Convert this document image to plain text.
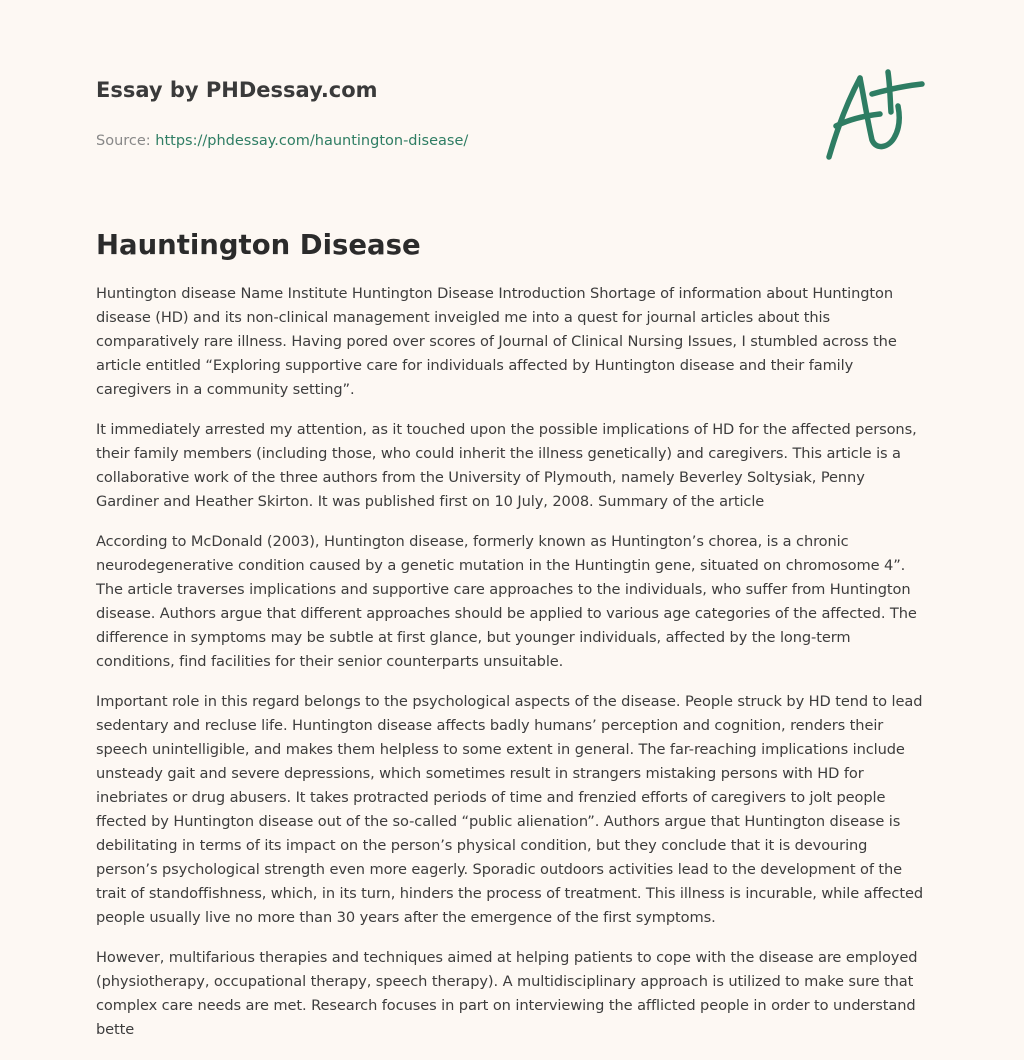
Essay by PHDessay.com
Source: https://phdessay.com/hauntington-disease/
Hauntington Disease

Huntington disease Name Institute Huntington Disease Introduction Shortage of information about Huntington disease (HD) and its non-clinical management inveigled me into a quest for journal articles about this comparatively rare illness. Having pored over scores of Journal of Clinical Nursing Issues, I stumbled across the article entitled “Exploring supportive care for individuals affected by Huntington disease and their family caregivers in a community setting”.

It immediately arrested my attention, as it touched upon the possible implications of HD for the affected persons, their family members (including those, who could inherit the illness genetically) and caregivers. This article is a collaborative work of the three authors from the University of Plymouth, namely Beverley Soltysiak, Penny Gardiner and Heather Skirton. It was published first on 10 July, 2008. Summary of the article

According to McDonald (2003), Huntington disease, formerly known as Huntington’s chorea, is a chronic neurodegenerative condition caused by a genetic mutation in the Huntingtin gene, situated on chromosome 4”. The article traverses implications and supportive care approaches to the individuals, who suffer from Huntington disease. Authors argue that different approaches should be applied to various age categories of the affected. The difference in symptoms may be subtle at first glance, but younger individuals, affected by the long-term conditions, find facilities for their senior counterparts unsuitable.

Important role in this regard belongs to the psychological aspects of the disease. People struck by HD tend to lead sedentary and recluse life. Huntington disease affects badly humans’ perception and cognition, renders their speech unintelligible, and makes them helpless to some extent in general. The far-reaching implications include unsteady gait and severe depressions, which sometimes result in strangers mistaking persons with HD for inebriates or drug abusers. It takes protracted periods of time and frenzied efforts of caregivers to jolt people ffected by Huntington disease out of the so-called “public alienation”. Authors argue that Huntington disease is debilitating in terms of its impact on the person’s physical condition, but they conclude that it is devouring person’s psychological strength even more eagerly. Sporadic outdoors activities lead to the development of the trait of standoffishness, which, in its turn, hinders the process of treatment. This illness is incurable, while affected people usually live no more than 30 years after the emergence of the first symptoms.

However, multifarious therapies and techniques aimed at helping patients to cope with the disease are employed (physiotherapy, occupational therapy, speech therapy). A multidisciplinary approach is utilized to make sure that complex care needs are met. Research focuses in part on interviewing the afflicted people in order to understand bette
